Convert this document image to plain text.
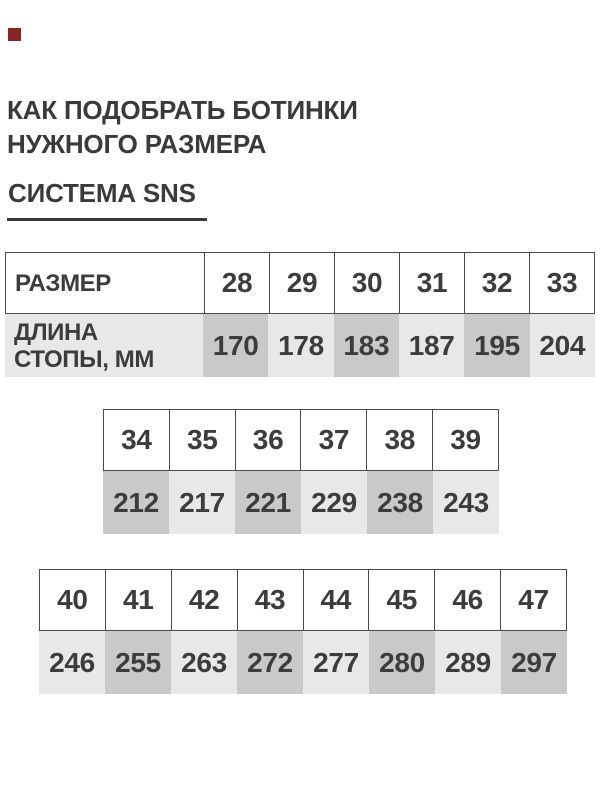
КАК ПОДОБРАТЬ БОТИНКИ
НУЖНОГО РАЗМЕРА
СИСТЕМА SNS
РАЗМЕР	28	29	30	31	32	33
ДЛИНА СТОПЫ, ММ	170 178 183 187 195 204
34	35	36	37	38	39
212 217 221 229 238 243
40	41	42	43	44	45	46	47
246 255 263 272 277 280 289 297
